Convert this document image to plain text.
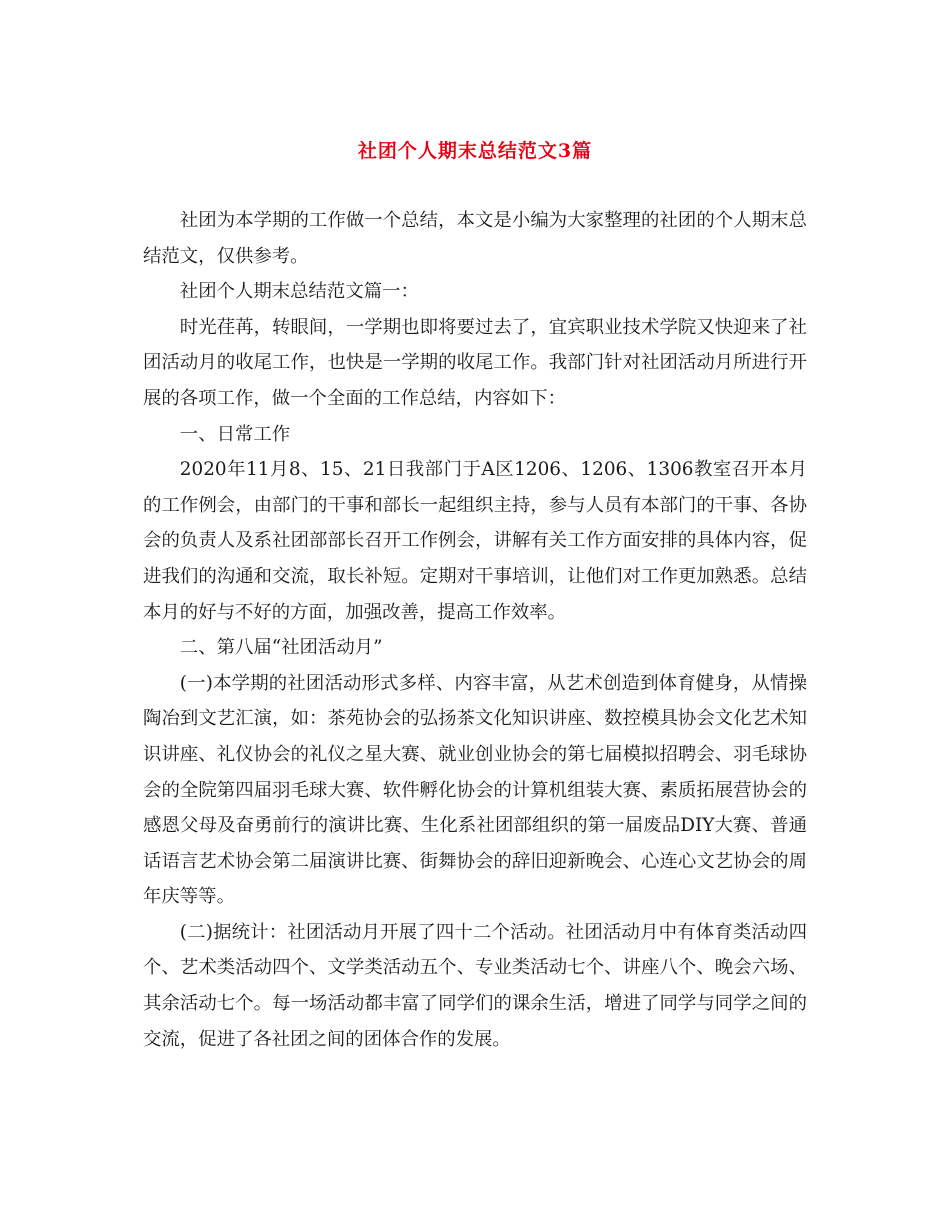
社团个人期末总结范文3篇

社团为本学期的工作做一个总结，本文是小编为大家整理的社团的个人期末总结范文，仅供参考。

社团个人期末总结范文篇一：

时光荏苒，转眼间，一学期也即将要过去了，宜宾职业技术学院又快迎来了社团活动月的收尾工作，也快是一学期的收尾工作。我部门针对社团活动月所进行开展的各项工作，做一个全面的工作总结，内容如下：

一、日常工作

2020年11月8、15、21日我部门于A区1206、1206、1306教室召开本月的工作例会，由部门的干事和部长一起组织主持，参与人员有本部门的干事、各协会的负责人及系社团部部长召开工作例会，讲解有关工作方面安排的具体内容，促进我们的沟通和交流，取长补短。定期对干事培训，让他们对工作更加熟悉。总结本月的好与不好的方面，加强改善，提高工作效率。

二、第八届“社团活动月”

(一)本学期的社团活动形式多样、内容丰富，从艺术创造到体育健身，从情操陶冶到文艺汇演，如：茶苑协会的弘扬茶文化知识讲座、数控模具协会文化艺术知识讲座、礼仪协会的礼仪之星大赛、就业创业协会的第七届模拟招聘会、羽毛球协会的全院第四届羽毛球大赛、软件孵化协会的计算机组装大赛、素质拓展营协会的感恩父母及奋勇前行的演讲比赛、生化系社团部组织的第一届废品DIY大赛、普通话语言艺术协会第二届演讲比赛、街舞协会的辞旧迎新晚会、心连心文艺协会的周年庆等等。

(二)据统计：社团活动月开展了四十二个活动。社团活动月中有体育类活动四个、艺术类活动四个、文学类活动五个、专业类活动七个、讲座八个、晚会六场、其余活动七个。每一场活动都丰富了同学们的课余生活，增进了同学与同学之间的交流，促进了各社团之间的团体合作的发展。
